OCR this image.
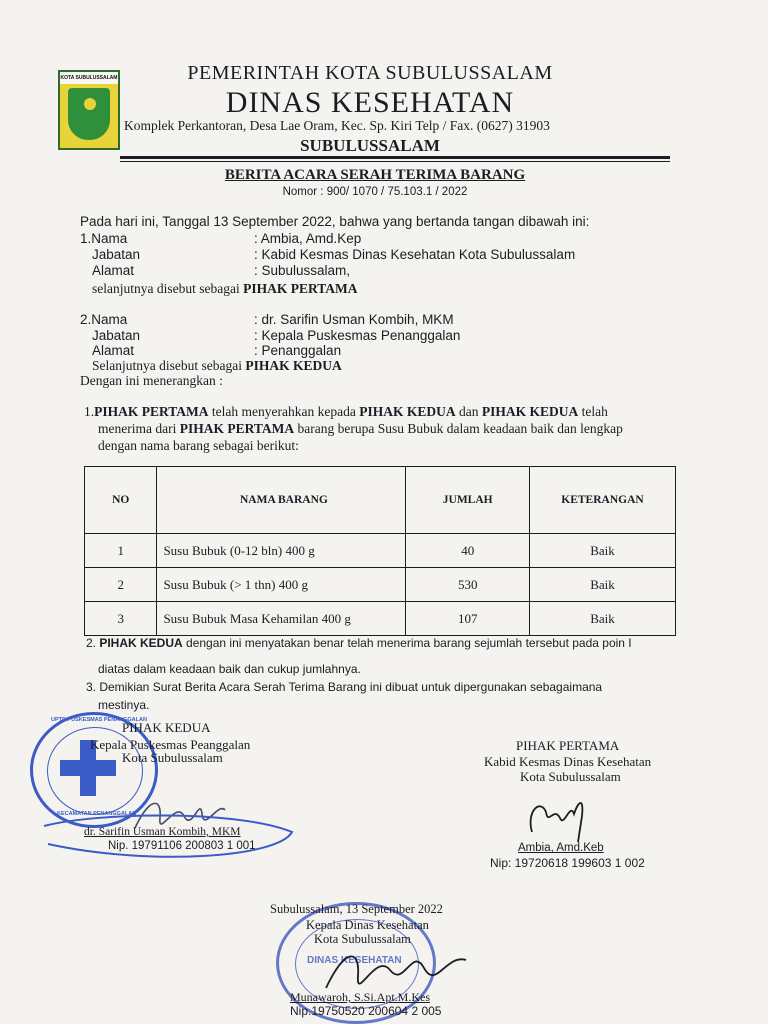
KOTA SUBULUSSALAM	PEMERINTAH KOTA SUBULUSSALAM
DINAS KESEHATAN
Komplek Perkantoran, Desa Lae Oram, Kec. Sp. Kiri Telp / Fax. (0627) 31903
SUBULUSSALAM
BERITA ACARA SERAH TERIMA BARANG
Nomor : 900/ 1070 / 75.103.1 / 2022
Pada hari ini, Tanggal 13 September 2022, bahwa yang bertanda tangan dibawah ini:
1.Nama	: Ambia, Amd.Kep
Jabatan	: Kabid Kesmas Dinas Kesehatan Kota Subulussalam
Alamat	: Subulussalam,
selanjutnya disebut sebagai PIHAK PERTAMA
2.Nama	: dr. Sarifin Usman Kombih, MKM
Jabatan	: Kepala Puskesmas Penanggalan
Alamat	: Penanggalan
Selanjutnya disebut sebagai PIHAK KEDUA
Dengan ini menerangkan :
1.PIHAK PERTAMA telah menyerahkan kepada PIHAK KEDUA dan PIHAK KEDUA telah
menerima dari PIHAK PERTAMA barang berupa Susu Bubuk dalam keadaan baik dan lengkap
dengan nama barang sebagai berikut:
NO	NAMA BARANG	JUMLAH	KETERANGAN
1	Susu Bubuk (0-12 bln) 400 g	40	Baik
2	Susu Bubuk (> 1 thn) 400 g	530	Baik
3	Susu Bubuk Masa Kehamilan 400 g	107	Baik
2. PIHAK KEDUA dengan ini menyatakan benar telah menerima barang sejumlah tersebut pada poin I
diatas dalam keadaan baik dan cukup jumlahnya.
3. Demikian Surat Berita Acara Serah Terima Barang ini dibuat untuk dipergunakan sebagaimana
mestinya.
UPTD PUSKESMAS PENANGGALAN
KECAMATAN PENANGGALAN
PIHAK KEDUA
Kepala Puskesmas Peanggalan
Kota Subulussalam
dr. Sarifin Usman Kombih, MKM
Nip. 19791106 200803 1 001
PIHAK PERTAMA
Kabid Kesmas Dinas Kesehatan
Kota Subulussalam
Ambia, Amd.Keb
Nip: 19720618 199603 1 002
DINAS KESEHATAN
Subulussalam, 13 September 2022
Kepala Dinas Kesehatan
Kota Subulussalam
Munawaroh, S.Si.Apt.M.Kes
Nip.19750520 200604 2 005
